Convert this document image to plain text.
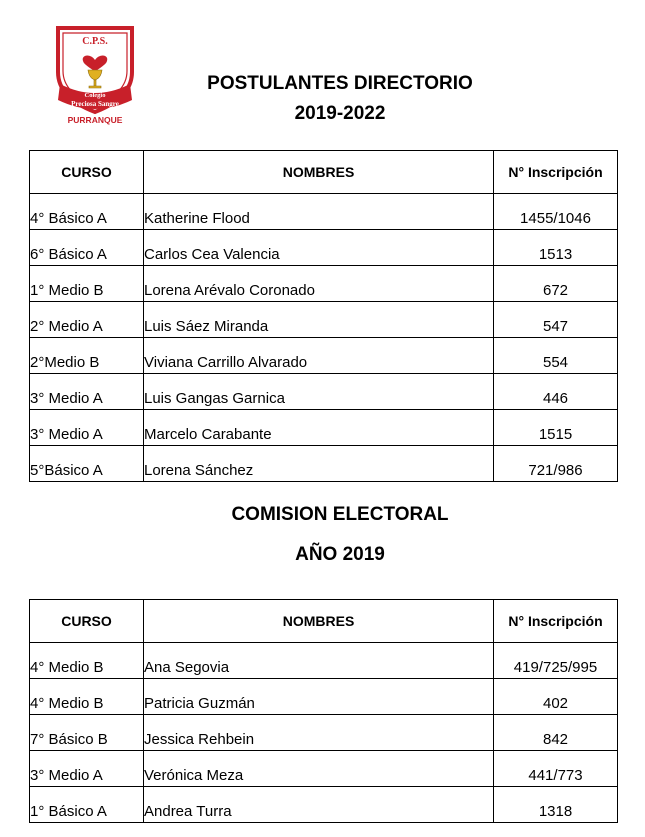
C.P.S.
Colegio
Preciosa Sangre
PURRANQUE
POSTULANTES DIRECTORIO
2019-2022
CURSO	NOMBRES	N° Inscripción
4° Básico A	Katherine Flood	1455/1046
6° Básico A	Carlos Cea Valencia	1513
1° Medio B	Lorena Arévalo Coronado	672
2° Medio A	Luis Sáez Miranda	547
2°Medio B	Viviana Carrillo Alvarado	554
3° Medio A	Luis Gangas Garnica	446
3° Medio A	Marcelo Carabante	1515
5°Básico A	Lorena Sánchez	721/986
COMISION ELECTORAL
AÑO 2019
CURSO	NOMBRES	N° Inscripción
4° Medio B	Ana Segovia	419/725/995
4° Medio B	Patricia Guzmán	402
7° Básico B	Jessica Rehbein	842
3° Medio A	Verónica Meza	441/773
1° Básico A	Andrea Turra	1318
